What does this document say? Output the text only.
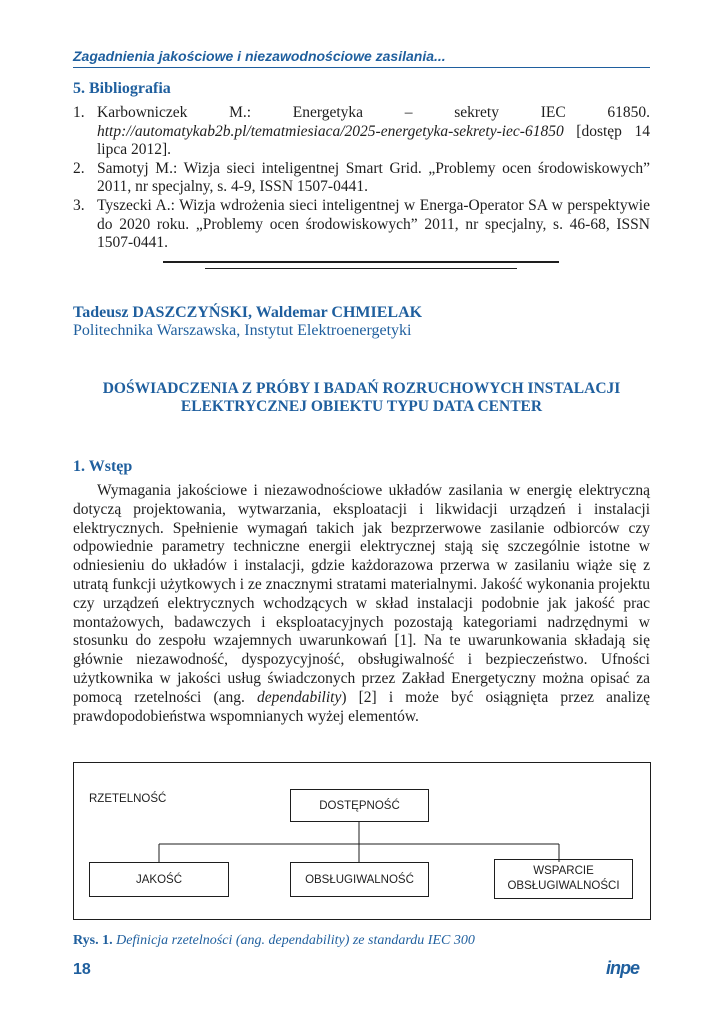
Zagadnienia jakościowe i niezawodnościowe zasilania...
5. Bibliografia
1. Karbowniczek M.: Energetyka – sekrety IEC 61850. http://automatykab2b.pl/tematmiesiaca/2025-energetyka-sekrety-iec-61850 [dostęp 14 lipca 2012].
2. Samotyj M.: Wizja sieci inteligentnej Smart Grid. „Problemy ocen środowiskowych” 2011, nr specjalny, s. 4-9, ISSN 1507-0441.
3. Tyszecki A.: Wizja wdrożenia sieci inteligentnej w Energa-Operator SA w perspektywie do 2020 roku. „Problemy ocen środowiskowych” 2011, nr specjalny, s. 46-68, ISSN 1507-0441.
Tadeusz DASZCZYŃSKI, Waldemar CHMIELAK
Politechnika Warszawska, Instytut Elektroenergetyki
DOŚWIADCZENIA Z PRÓBY I BADAŃ ROZRUCHOWYCH INSTALACJI
ELEKTRYCZNEJ OBIEKTU TYPU DATA CENTER
1. Wstęp

Wymagania jakościowe i niezawodnościowe układów zasilania w energię elektryczną dotyczą projektowania, wytwarzania, eksploatacji i likwidacji urządzeń i instalacji elektrycznych. Spełnienie wymagań takich jak bezprzerwowe zasilanie odbiorców czy odpowiednie parametry techniczne energii elektrycznej stają się szczególnie istotne w odniesieniu do układów i instalacji, gdzie każdorazowa przerwa w zasilaniu wiąże się z utratą funkcji użytkowych i ze znacznymi stratami materialnymi. Jakość wykonania projektu czy urządzeń elektrycznych wchodzących w skład instalacji podobnie jak jakość prac montażowych, badawczych i eksploatacyjnych pozostają kategoriami nadrzędnymi w stosunku do zespołu wzajemnych uwarunkowań [1]. Na te uwarunkowania składają się głównie niezawodność, dyspozycyjność, obsługiwalność i bezpieczeństwo. Ufności użytkownika w jakości usług świadczonych przez Zakład Energetyczny można opisać za pomocą rzetelności (ang. dependability) [2] i może być osiągnięta przez analizę prawdopodobieństwa wspomnianych wyżej elementów.

RZETELNOŚĆ
DOSTĘPNOŚĆ
JAKOŚĆ	OBSŁUGIWALNOŚĆ
WSPARCIE OBSŁUGIWALNOŚCI
Rys. 1. Definicja rzetelności (ang. dependability) ze standardu IEC 300
18	inpe
